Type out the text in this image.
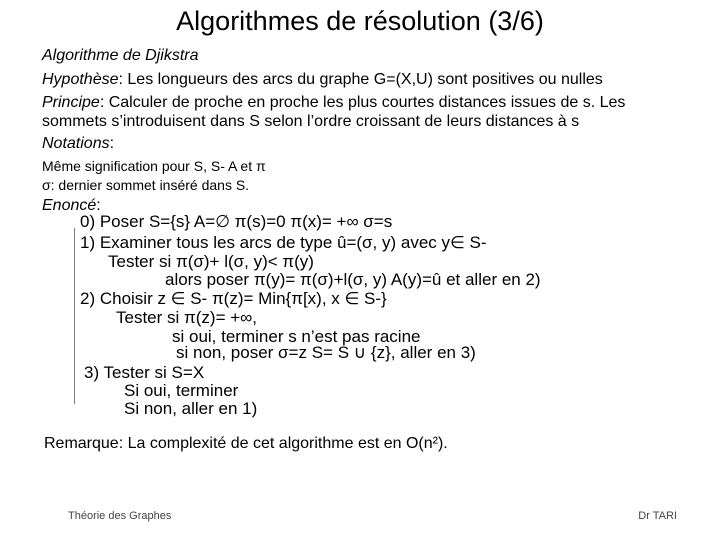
Algorithmes de résolution (3/6)
Algorithme de Djikstra
Hypothèse: Les longueurs des arcs du graphe G=(X,U) sont positives ou nulles
Principe: Calculer de proche en proche les plus courtes distances issues de s. Les
sommets s’introduisent dans S selon l’ordre croissant de leurs distances à s
Notations:
Même signification pour S, S- A et π
σ: dernier sommet inséré dans S.
Enoncé:
0) Poser S={s} A=∅ π(s)=0 π(x)= +∞ σ=s
1) Examiner tous les arcs de type û=(σ, y) avec y∈ S-
Tester si π(σ)+ l(σ, y)< π(y)
alors poser π(y)= π(σ)+l(σ, y) A(y)=û et aller en 2)
2) Choisir z ∈ S- π(z)= Min{π[x), x ∈ S-}
Tester si π(z)= +∞,
si oui, terminer s n’est pas racine
si non, poser σ=z S= S ∪ {z}, aller en 3)
3) Tester si S=X
Si oui, terminer
Si non, aller en 1)
Remarque: La complexité de cet algorithme est en O(n²).
Théorie des Graphes	Dr TARI
